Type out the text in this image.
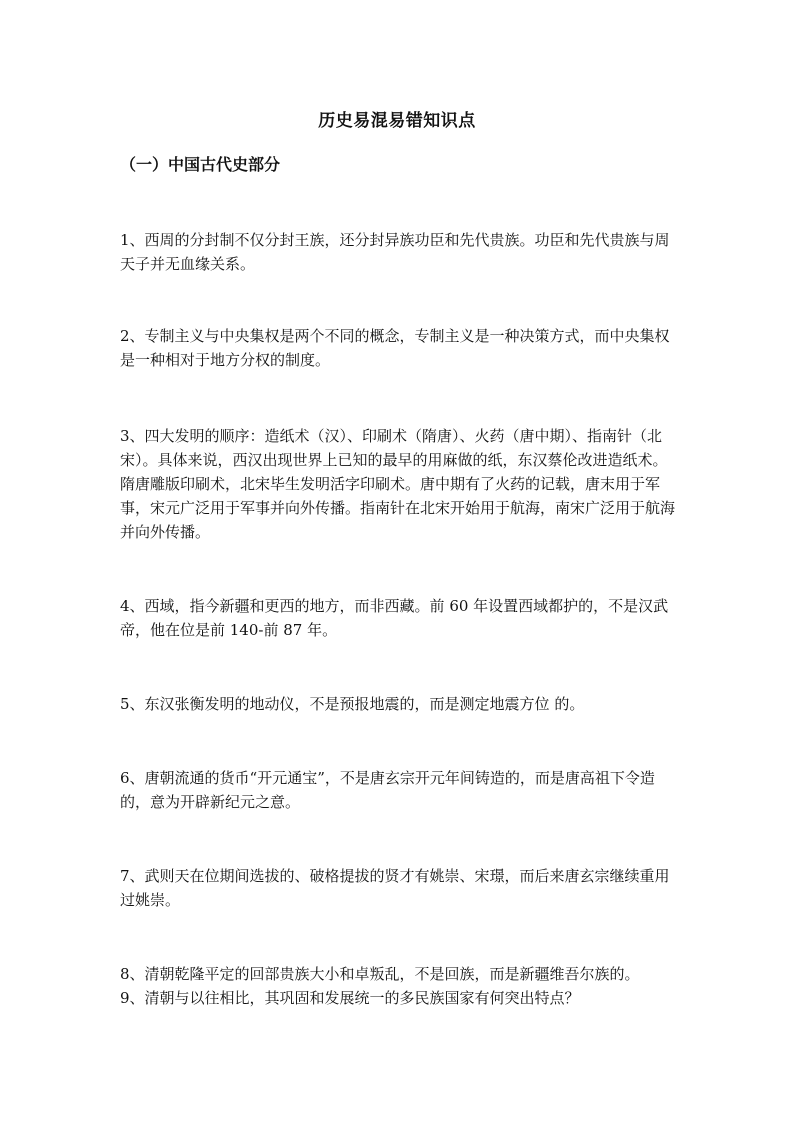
历史易混易错知识点
（一）中国古代史部分

1、西周的分封制不仅分封王族，还分封异族功臣和先代贵族。功臣和先代贵族与周天子并无血缘关系。

2、专制主义与中央集权是两个不同的概念，专制主义是一种决策方式，而中央集权是一种相对于地方分权的制度。

3、四大发明的顺序：造纸术（汉）、印刷术（隋唐）、火药（唐中期）、指南针（北宋）。具体来说，西汉出现世界上已知的最早的用麻做的纸，东汉蔡伦改进造纸术。隋唐雕版印刷术，北宋毕生发明活字印刷术。唐中期有了火药的记载，唐末用于军事，宋元广泛用于军事并向外传播。指南针在北宋开始用于航海，南宋广泛用于航海并向外传播。

4、西域，指今新疆和更西的地方，而非西藏。前 60 年设置西域都护的，不是汉武帝，他在位是前 140-前 87 年。

5、东汉张衡发明的地动仪，不是预报地震的，而是测定地震方位 的。

6、唐朝流通的货币“开元通宝”，不是唐玄宗开元年间铸造的，而是唐高祖下令造的，意为开辟新纪元之意。

7、武则天在位期间选拔的、破格提拔的贤才有姚崇、宋璟，而后来唐玄宗继续重用过姚崇。

8、清朝乾隆平定的回部贵族大小和卓叛乱，不是回族，而是新疆维吾尔族的。

9、清朝与以往相比，其巩固和发展统一的多民族国家有何突出特点？
